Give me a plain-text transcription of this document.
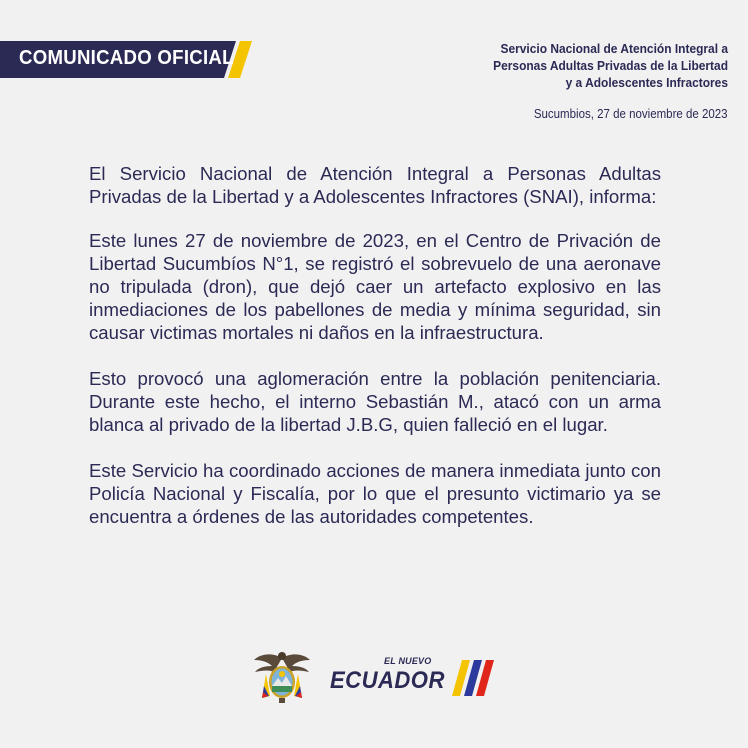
COMUNICADO OFICIAL	Servicio Nacional de Atención Integral a
Personas Adultas Privadas de la Libertad
y a Adolescentes Infractores
Sucumbios, 27 de noviembre de 2023

El Servicio Nacional de Atención Integral a Personas Adultas Privadas de la Libertad y a Adolescentes Infractores (SNAI), informa:

Este lunes 27 de noviembre de 2023, en el Centro de Privación de Libertad Sucumbíos N°1, se registró el sobrevuelo de una aeronave no tripulada (dron), que dejó caer un artefacto explosivo en las inmediaciones de los pabellones de media y mínima seguridad, sin causar victimas mortales ni daños en la infraestructura.

Esto provocó una aglomeración entre la población penitenciaria. Durante este hecho, el interno Sebastián M., atacó con un arma blanca al privado de la libertad J.B.G, quien falleció en el lugar.

Este Servicio ha coordinado acciones de manera inmediata junto con Policía Nacional y Fiscalía, por lo que el presunto victimario ya se encuentra a órdenes de las autoridades competentes.

EL NUEVO
ECUADOR
